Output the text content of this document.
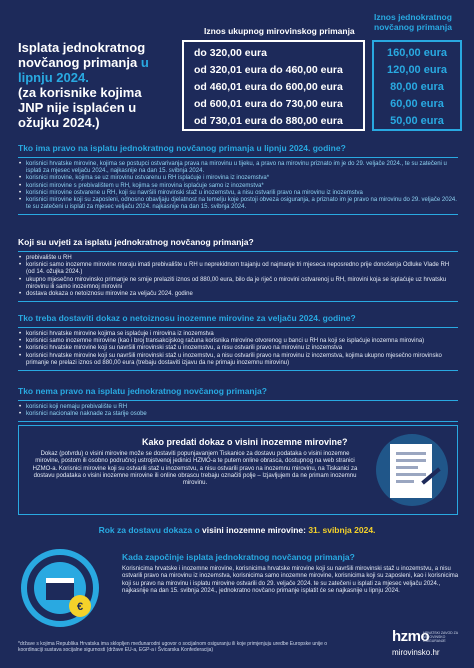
Isplata jednokratnog novčanog primanja u
lipnju 2024.
(za korisnike kojima JNP nije isplaćen u ožujku 2024.)
Iznos ukupnog mirovinskog primanja
Iznos jednokratnog novčanog primanja
do 320,00 eura
od 320,01 eura do 460,00 eura
od 460,01 eura do 600,00 eura
od 600,01 eura do 730,00 eura
od 730,01 eura do 880,00 eura
160,00 eura
120,00 eura
80,00 eura
60,00 eura
50,00 eura
Tko ima pravo na isplatu jednokratnog novčanog primanja u lipnju 2024. godine?
• korisnici hrvatske mirovine, kojima se postupci ostvarivanja prava na mirovinu u tijeku, a pravo na mirovinu priznato im je do 29. veljače 2024., te su zatečeni u isplati za mjesec veljaču 2024., najkasnije na dan 15. svibnja 2024.
• korisnici mirovine, kojima se uz mirovinu ostvarenu u RH isplaćuje i mirovina iz inozemstva*
• korisnici mirovine s prebivalištem u RH, kojima se mirovina isplaćuje samo iz inozemstva*
• korisnici mirovine ostvarene u RH, koji su navršili mirovinski staž u inozemstvu, a nisu ostvarili pravo na mirovinu iz inozemstva
• korisnici mirovine koji su zaposleni, odnosno obavljaju djelatnost na temelju koje postoji obveza osiguranja, a priznato im je pravo na mirovinu do 29. veljače 2024. te su zatečeni u isplati za mjesec veljaču 2024. najkasnije na dan 15. svibnja 2024.
Koji su uvjeti za isplatu jednokratnog novčanog primanja?
• prebivalište u RH
• korisnici samo inozemne mirovine moraju imati prebivalište u RH u neprekidnom trajanju od najmanje tri mjeseca neposredno prije donošenja Odluke Vlade RH (od 14. ožujka 2024.)
• ukupno mjesečno mirovinsko primanje ne smije prelaziti iznos od 880,00 eura, bilo da je riječ o mirovini ostvarenoj u RH, mirovini koja se isplaćuje uz hrvatsku mirovinu ili samo inozemnoj mirovini
• dostava dokaza o netoiznosu mirovine za veljaču 2024. godine
Tko treba dostaviti dokaz o netoiznosu inozemne mirovine za veljaču 2024. godine?
• korisnici hrvatske mirovine kojima se isplaćuje i mirovina iz inozemstva
• korisnici samo inozemne mirovine (kao i broj transakcijskog računa korisnika mirovine otvorenog u banci u RH na koji se isplaćuje inozemna mirovina)
• korisnici hrvatske mirovine koji su navršili mirovinski staž u inozemstvu, a nisu ostvarili pravo na mirovinu iz inozemstva
• korisnici hrvatske mirovine koji su navršili mirovinski staž u inozemstvu, a nisu ostvarili pravo na mirovinu iz inozemstva, kojima ukupno mjesečno mirovinsko primanje ne prelazi iznos od 880,00 eura (trebaju dostaviti izjavu da ne primaju inozemnu mirovinu)
Tko nema pravo na isplatu jednokratnog novčanog primanja?
• korisnici koji nemaju prebivalište u RH
• korisnici nacionalne naknade za starije osobe
Kako predati dokaz o visini inozemne mirovine?
Dokaz (potvrdu) o visini mirovine može se dostaviti popunjavanjem Tiskanice za dostavu podataka o visini inozemne mirovine, postom ili osobno područnoj ustrojstvenoj jedinici HZMO-a te putem online obrasca, dostupnog na web stranici HZMO-a. Korisnici mirovine koji su ostvarili staž u inozemstvu, a nisu ostvarili pravo na inozemnu mirovinu, na Tiskanici za dostavu podataka o visini inozemne mirovine ili online obrascu trebaju označiti polje – Izjavljujem da ne primam inozemnu mirovinu.
Rok za dostavu dokaza o visini inozemne mirovine: 31. svibnja 2024.
€
Kada započinje isplata jednokratnog novčanog primanja?
Korisnicima hrvatske i inozemne mirovine, korisnicima hrvatske mirovine koji su navršili mirovinski staž u inozemstvu, a nisu ostvarili pravo na mirovinu iz inozemstva, korisnicima samo inozemne mirovine, korisnicima koji su zaposleni, kao i korisnicima koji su pravo na mirovinu i isplatu mirovine ostvarili do 29. veljače 2024. te su zatečeni u isplati za mjesec veljaču 2024., najkasnije na dan 15. svibnja 2024., jednokratno novčano primanje isplatit će se najkasnije u lipnju 2024.
*države s kojima Republika Hrvatska ima sklopljen međunarodni ugovor o socijalnom osiguranju ili koje primjenjuju uredbe Europske unije o koordinaciji sustava socijalne sigurnosti (države EU-a, EGP-a i Švicarska Konfederacija)
hzmo
HRVATSKI ZAVOD ZA MIROVINSKO OSIGURANJE
mirovinsko.hr
